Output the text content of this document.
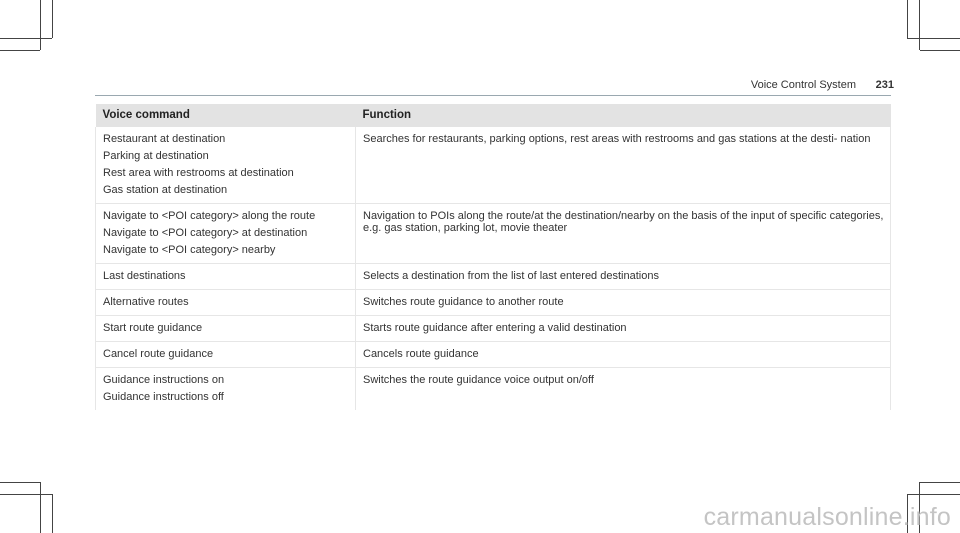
Voice Control System 231
Voice command	Function

Restaurant at destination
Parking at destination
Rest area with restrooms at destination
Gas station at destination	Searches for restaurants, parking options, rest areas with restrooms and gas stations at the desti- nation

Navigate to <POI category> along the route
Navigate to <POI category> at destination
Navigate to <POI category> nearby	Navigation to POIs along the route/at the destination/nearby on the basis of the input of specific categories, e.g. gas station, parking lot, movie theater

Last destinations	Selects a destination from the list of last entered destinations

Alternative routes	Switches route guidance to another route

Start route guidance	Starts route guidance after entering a valid destination

Cancel route guidance	Cancels route guidance

Guidance instructions on
Guidance instructions off	Switches the route guidance voice output on/off
carmanualsonline.info
